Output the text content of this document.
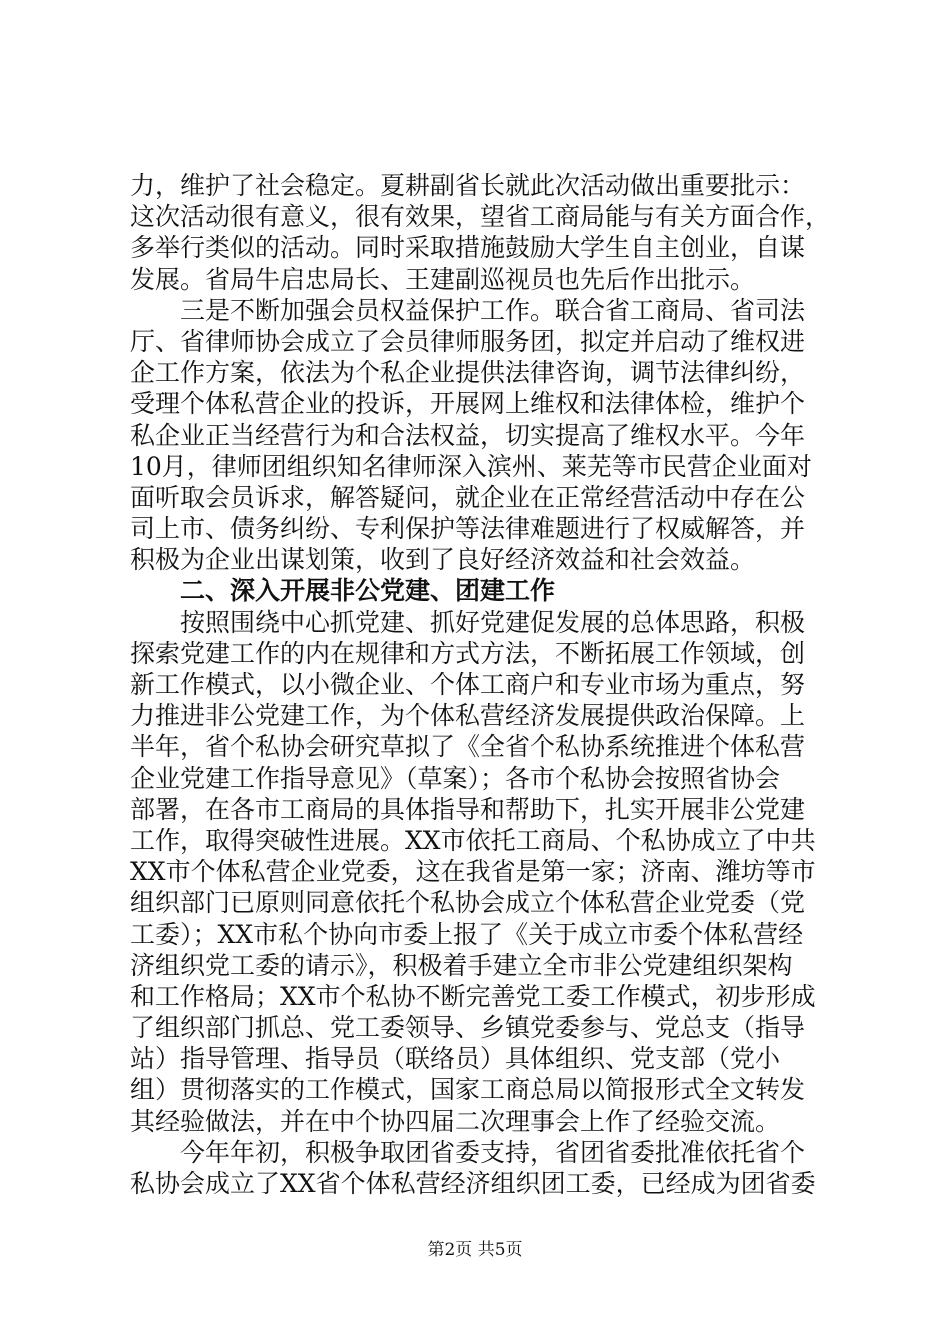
力，维护了社会稳定。夏耕副省长就此次活动做出重要批示：
这次活动很有意义，很有效果，望省工商局能与有关方面合作，
多举行类似的活动。同时采取措施鼓励大学生自主创业，自谋
发展。省局牛启忠局长、王建副巡视员也先后作出批示。
三是不断加强会员权益保护工作。联合省工商局、省司法
厅、省律师协会成立了会员律师服务团，拟定并启动了维权进
企工作方案，依法为个私企业提供法律咨询，调节法律纠纷，
受理个体私营企业的投诉，开展网上维权和法律体检，维护个
私企业正当经营行为和合法权益，切实提高了维权水平。今年
10月，律师团组织知名律师深入滨州、莱芜等市民营企业面对
面听取会员诉求，解答疑问，就企业在正常经营活动中存在公
司上市、债务纠纷、专利保护等法律难题进行了权威解答，并
积极为企业出谋划策，收到了良好经济效益和社会效益。
二、深入开展非公党建、团建工作
按照围绕中心抓党建、抓好党建促发展的总体思路，积极
探索党建工作的内在规律和方式方法，不断拓展工作领域，创
新工作模式，以小微企业、个体工商户和专业市场为重点，努
力推进非公党建工作，为个体私营经济发展提供政治保障。上
半年，省个私协会研究草拟了《全省个私协系统推进个体私营
企业党建工作指导意见》（草案）；各市个私协会按照省协会
部署，在各市工商局的具体指导和帮助下，扎实开展非公党建
工作，取得突破性进展。XX市依托工商局、个私协成立了中共
XX市个体私营企业党委，这在我省是第一家；济南、潍坊等市
组织部门已原则同意依托个私协会成立个体私营企业党委（党
工委）；XX市私个协向市委上报了《关于成立市委个体私营经
济组织党工委的请示》，积极着手建立全市非公党建组织架构
和工作格局；XX市个私协不断完善党工委工作模式，初步形成
了组织部门抓总、党工委领导、乡镇党委参与、党总支（指导
站）指导管理、指导员（联络员）具体组织、党支部（党小
组）贯彻落实的工作模式，国家工商总局以简报形式全文转发
其经验做法，并在中个协四届二次理事会上作了经验交流。
今年年初，积极争取团省委支持，省团省委批准依托省个
私协会成立了XX省个体私营经济组织团工委，已经成为团省委
第2页 共5页
